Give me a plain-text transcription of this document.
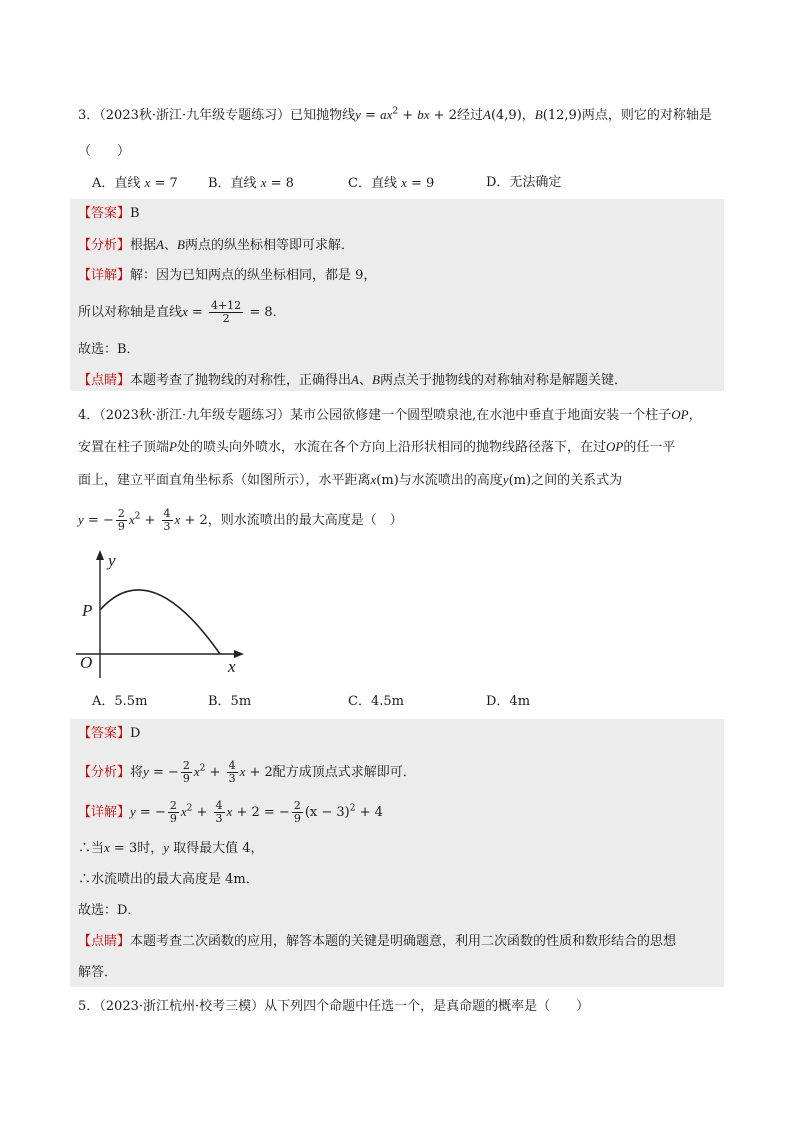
3．（2023秋·浙江·九年级专题练习）已知抛物线$y = ax^2$ + bx + 2经过A(4,9)，B(12,9)两点，则它的对称轴是
（　　）
A．直线 x = 7 B．直线 x = 8	C．直线 x = 9	D．无法确定
【答案】B
【分析】根据A、B两点的纵坐标相等即可求解．
【详解】解：因为已知两点的纵坐标相同，都是 9，
所以对称轴是直线$x = \frac{4+12}{2} = 8$．
故选：B．
【点睛】本题考查了抛物线的对称性，正确得出A、B两点关于抛物线的对称轴对称是解题关键．
4．（2023秋·浙江·九年级专题练习）某市公园欲修建一个圆型喷泉池,在水池中垂直于地面安装一个柱子OP，
安置在柱子顶端P处的喷头向外喷水，水流在各个方向上沿形状相同的抛物线路径落下，在过OP的任一平
面上，建立平面直角坐标系（如图所示），水平距离x(m)与水流喷出的高度y(m)之间的关系式为
y = − $\frac{2}{9} x^2 + \frac{4}{3}$ x + 2，则水流喷出的最大高度是（　）
y
P
O	x
A．5.5m	B．5m	C．4.5m	D．4m
【答案】D
【分析】将y = − $\frac{2}{9} x^2 + \frac{4}{3}$ x + 2配方成顶点式求解即可．
【详解】y = − $\frac{2}{9} x^2 + \frac{4}{3}$ x + 2 = − $\frac{2}{9} (x - 3)^2 + 4$
∴当x = 3时，y 取得最大值 4，
∴水流喷出的最大高度是 4m．
故选：D．
【点睛】本题考查二次函数的应用，解答本题的关键是明确题意，利用二次函数的性质和数形结合的思想
解答．
5．（2023·浙江杭州·校考三模）从下列四个命题中任选一个，是真命题的概率是（　　）
